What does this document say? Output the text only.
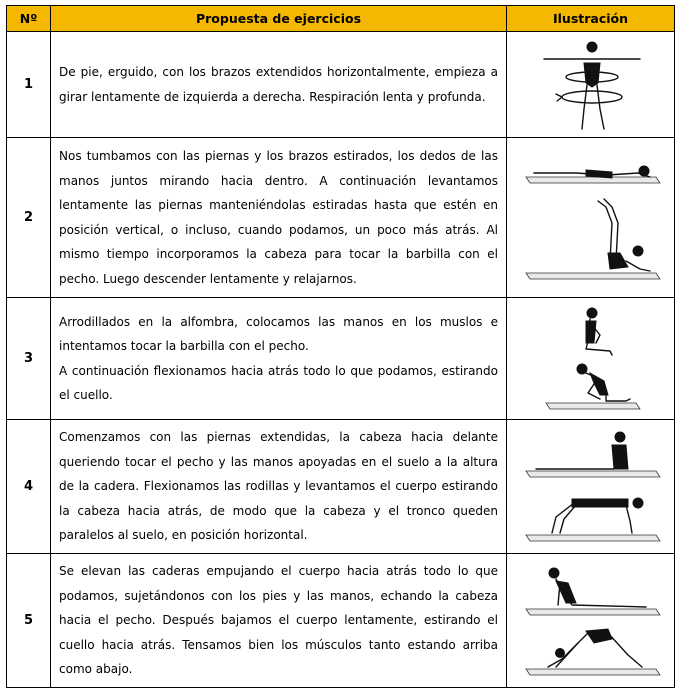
Nº	Propuesta de ejercicios	Ilustración
1	De pie, erguido, con los brazos extendidos horizontalmente, empieza a girar lentamente de izquierda a derecha. Respiración lenta y profunda.	

2	Nos tumbamos con las piernas y los brazos estirados, los dedos de las manos juntos mirando hacia dentro. A continuación levantamos lentamente las piernas manteniéndolas estiradas hasta que estén en posición vertical, o incluso, cuando podamos, un poco más atrás. Al mismo tiempo incorporamos la cabeza para tocar la barbilla con el pecho. Luego descender lentamente y relajarnos.	

3	Arrodillados en la alfombra, colocamos las manos en los muslos e intentamos tocar la barbilla con el pecho.
A continuación flexionamos hacia atrás todo lo que podamos, estirando el cuello.	

4	Comenzamos con las piernas extendidas, la cabeza hacia delante queriendo tocar el pecho y las manos apoyadas en el suelo a la altura de la cadera. Flexionamos las rodillas y levantamos el cuerpo estirando la cabeza hacia atrás, de modo que la cabeza y el tronco queden paralelos al suelo, en posición horizontal.	

5	Se elevan las caderas empujando el cuerpo hacia atrás todo lo que podamos, sujetándonos con los pies y las manos, echando la cabeza hacia el pecho. Después bajamos el cuerpo lentamente, estirando el cuello hacia atrás. Tensamos bien los músculos tanto estando arriba como abajo.	
